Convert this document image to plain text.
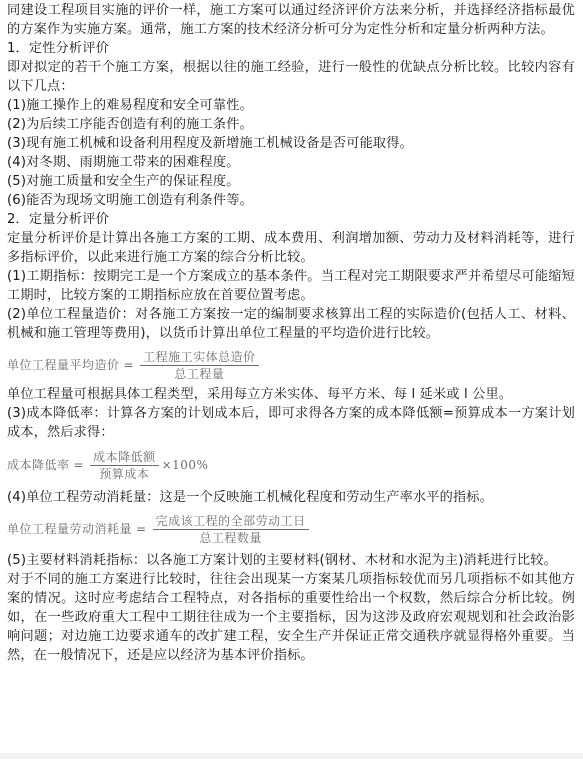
同建设工程项目实施的评价一样，施工方案可以通过经济评价方法来分析，并选择经济指标最优的方案作为实施方案。通常，施工方案的技术经济分析可分为定性分析和定量分析两种方法。

1．定性分析评价

即对拟定的若干个施工方案，根据以往的施工经验，进行一般性的优缺点分析比较。比较内容有以下几点：

(1)施工操作上的难易程度和安全可靠性。

(2)为后续工序能否创造有利的施工条件。

(3)现有施工机械和设备利用程度及新增施工机械设备是否可能取得。

(4)对冬期、雨期施工带来的困难程度。

(5)对施工质量和安全生产的保证程度。

(6)能否为现场文明施工创造有利条件等。

2．定量分析评价

定量分析评价是计算出各施工方案的工期、成本费用、利润增加额、劳动力及材料消耗等，进行多指标评价，以此来进行施工方案的综合分析比较。

(1)工期指标：按期完工是一个方案成立的基本条件。当工程对完工期限要求严并希望尽可能缩短工期时，比较方案的工期指标应放在首要位置考虑。

(2)单位工程量造价：对各施工方案按一定的编制要求核算出工程的实际造价(包括人工、材料、机械和施工管理等费用)，以货币计算出单位工程量的平均造价进行比较。

单位工程量平均造价 = $\frac{\text{工程施工实体总造价}}{\text{总工程量}}$

单位工程量可根据具体工程类型，采用每立方米实体、每平方米、每 l 延米或 l 公里。

(3)成本降低率：计算各方案的计划成本后，即可求得各方案的成本降低额=预算成本一方案计划成本，然后求得：

成本降低率 = $\frac{\text{成本降低额}}{\text{预算成本}} \times 100\%$

(4)单位工程劳动消耗量：这是一个反映施工机械化程度和劳动生产率水平的指标。

单位工程量劳动消耗量 = $\frac{\text{完成该工程的全部劳动工日}}{\text{总工程数量}}$

(5)主要材料消耗指标：以各施工方案计划的主要材料(钢材、木材和水泥为主)消耗进行比较。

对于不同的施工方案进行比较时，往往会出现某一方案某几项指标较优而另几项指标不如其他方案的情况。这时应考虑结合工程特点，对各指标的重要性给出一个权数，然后综合分析比较。例如，在一些政府重大工程中工期往往成为一个主要指标，因为这涉及政府宏观规划和社会政治影响问题；对边施工边要求通车的改扩建工程，安全生产并保证正常交通秩序就显得格外重要。当然，在一般情况下，还是应以经济为基本评价指标。
